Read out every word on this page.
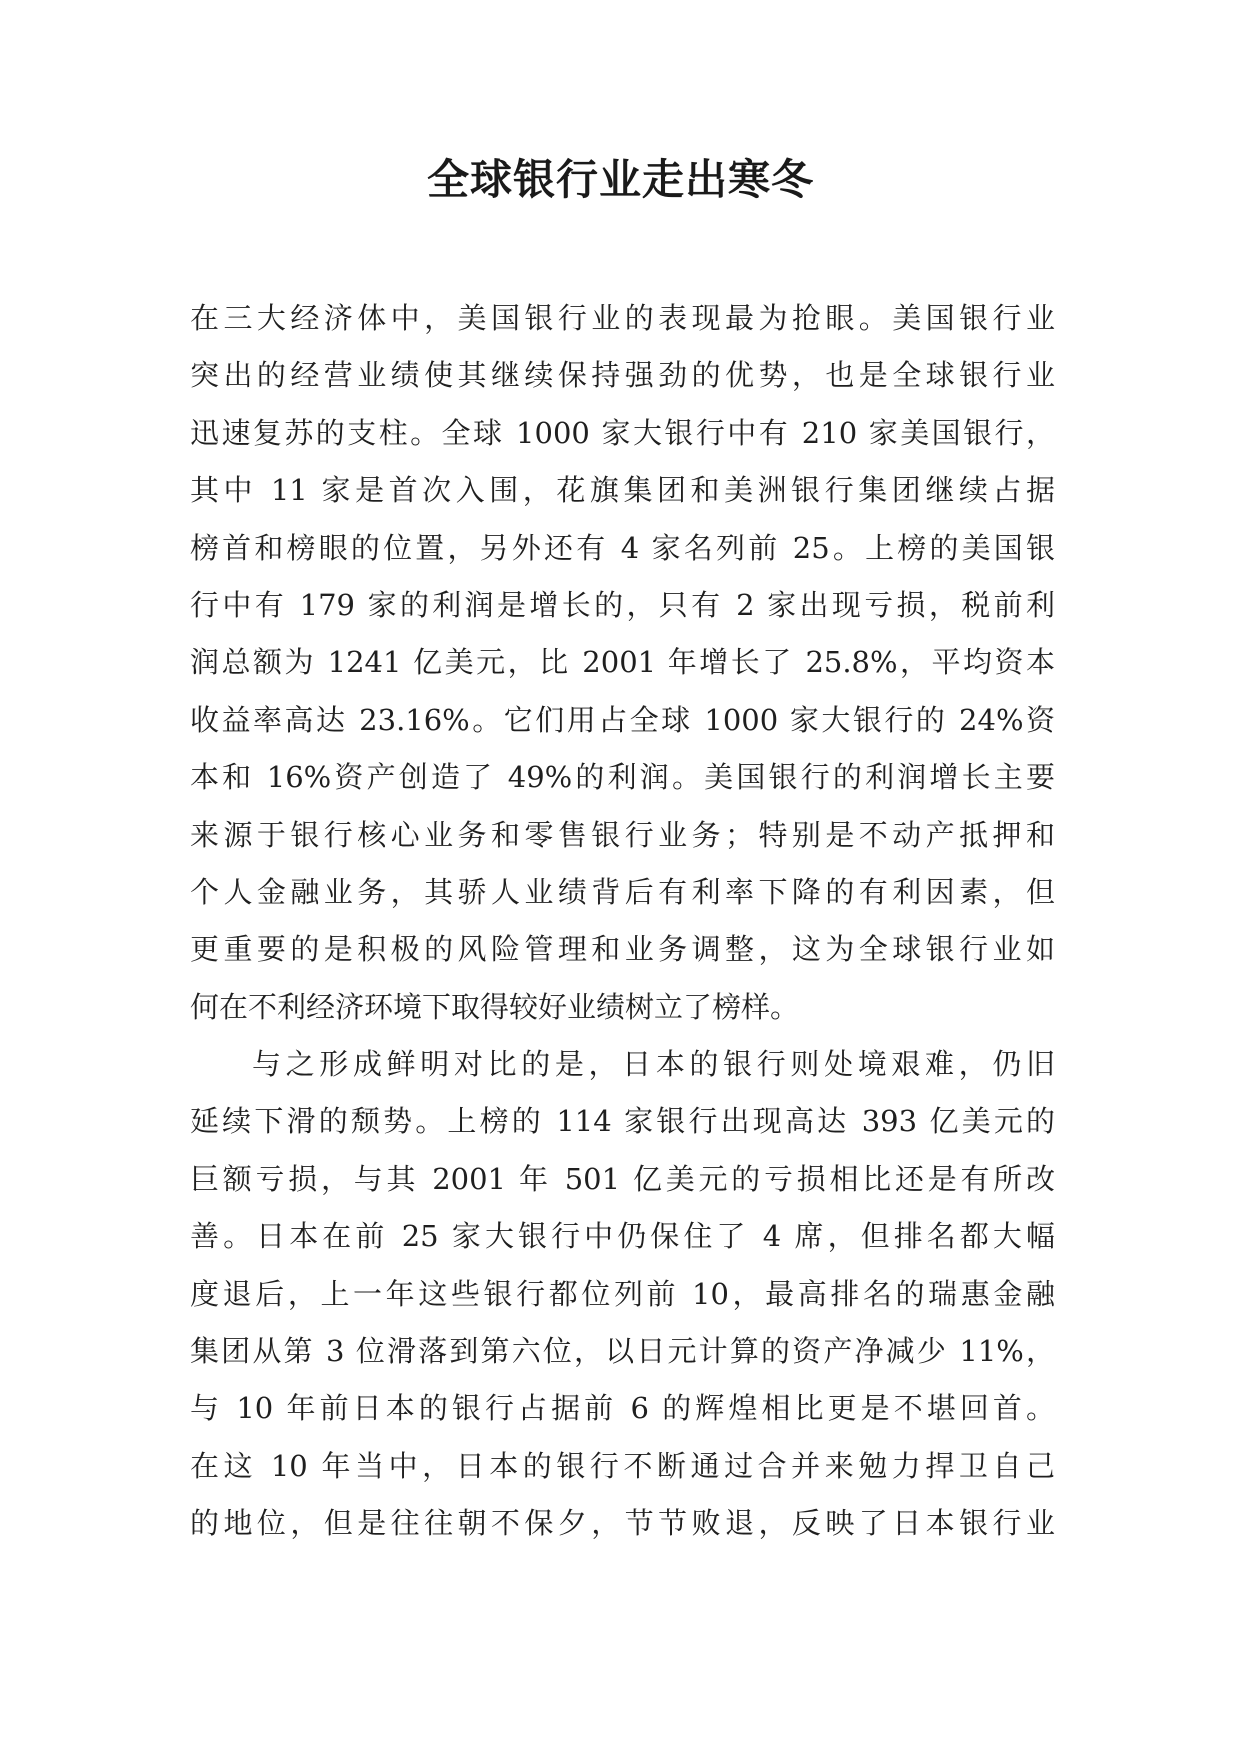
全球银行业走出寒冬
在三大经济体中，美国银行业的表现最为抢眼。美国银行业
突出的经营业绩使其继续保持强劲的优势，也是全球银行业
迅速复苏的支柱。全球 1000 家大银行中有 210 家美国银行，
其中 11 家是首次入围，花旗集团和美洲银行集团继续占据
榜首和榜眼的位置，另外还有 4 家名列前 25。上榜的美国银
行中有 179 家的利润是增长的，只有 2 家出现亏损，税前利
润总额为 1241 亿美元，比 2001 年增长了 25.8%，平均资本
收益率高达 23.16%。它们用占全球 1000 家大银行的 24%资
本和 16%资产创造了 49%的利润。美国银行的利润增长主要
来源于银行核心业务和零售银行业务；特别是不动产抵押和
个人金融业务，其骄人业绩背后有利率下降的有利因素，但
更重要的是积极的风险管理和业务调整，这为全球银行业如
何在不利经济环境下取得较好业绩树立了榜样。
与之形成鲜明对比的是，日本的银行则处境艰难，仍旧
延续下滑的颓势。上榜的 114 家银行出现高达 393 亿美元的
巨额亏损，与其 2001 年 501 亿美元的亏损相比还是有所改
善。日本在前 25 家大银行中仍保住了 4 席，但排名都大幅
度退后，上一年这些银行都位列前 10，最高排名的瑞惠金融
集团从第 3 位滑落到第六位，以日元计算的资产净减少 11%，
与 10 年前日本的银行占据前 6 的辉煌相比更是不堪回首。
在这 10 年当中，日本的银行不断通过合并来勉力捍卫自己
的地位，但是往往朝不保夕，节节败退，反映了日本银行业
